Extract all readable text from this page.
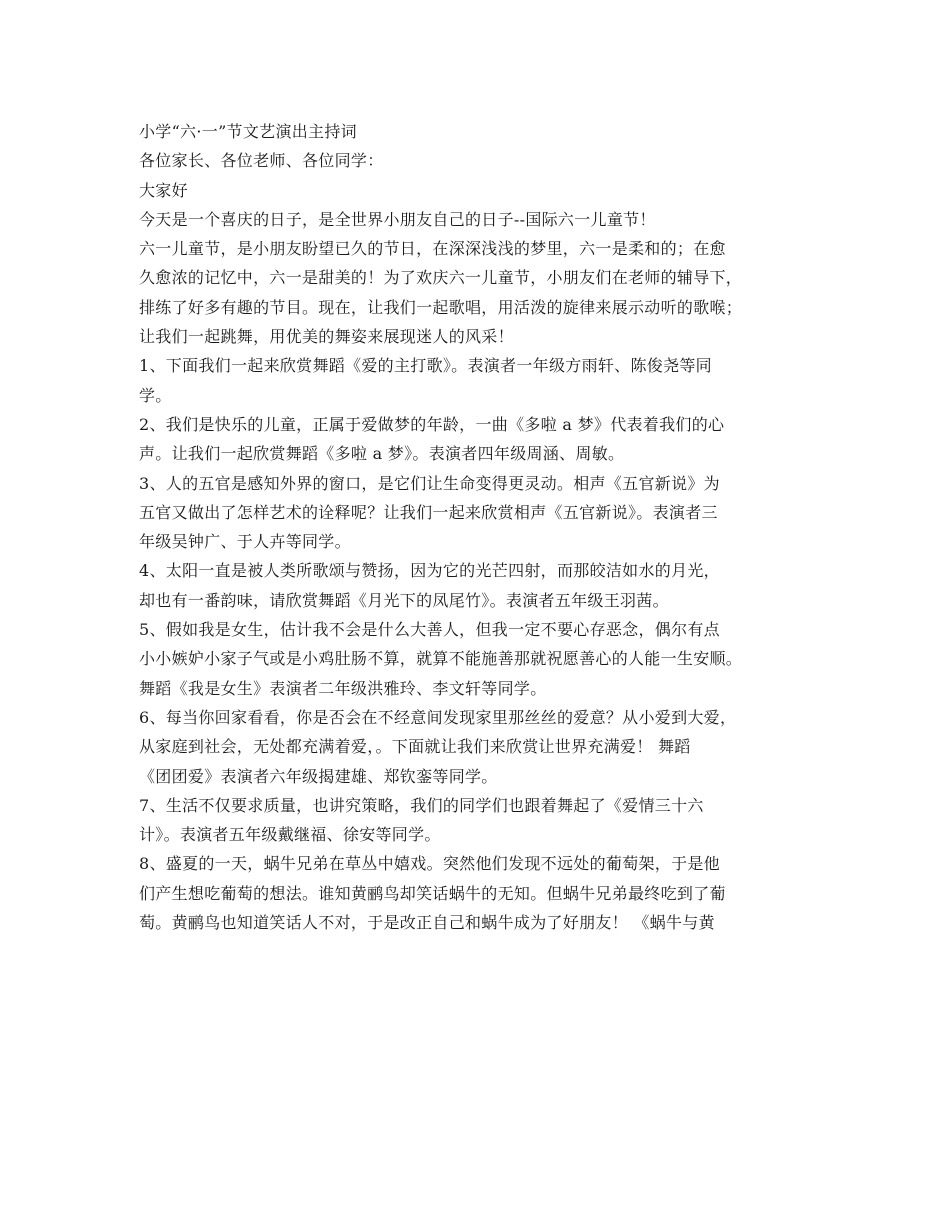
小学“六·一”节文艺演出主持词
各位家长、各位老师、各位同学：
大家好
今天是一个喜庆的日子，是全世界小朋友自己的日子--国际六一儿童节！
六一儿童节，是小朋友盼望已久的节日，在深深浅浅的梦里，六一是柔和的；在愈
久愈浓的记忆中，六一是甜美的！为了欢庆六一儿童节，小朋友们在老师的辅导下，
排练了好多有趣的节目。现在，让我们一起歌唱，用活泼的旋律来展示动听的歌喉；
让我们一起跳舞，用优美的舞姿来展现迷人的风采！
1、下面我们一起来欣赏舞蹈《爱的主打歌》。表演者一年级方雨轩、陈俊尧等同
学。
2、我们是快乐的儿童，正属于爱做梦的年龄，一曲《多啦 a 梦》代表着我们的心
声。让我们一起欣赏舞蹈《多啦 a 梦》。表演者四年级周涵、周敏。
3、人的五官是感知外界的窗口，是它们让生命变得更灵动。相声《五官新说》为
五官又做出了怎样艺术的诠释呢？让我们一起来欣赏相声《五官新说》。表演者三
年级吴钟广、于人卉等同学。
4、太阳一直是被人类所歌颂与赞扬，因为它的光芒四射，而那皎洁如水的月光，
却也有一番韵味，请欣赏舞蹈《月光下的凤尾竹》。表演者五年级王羽茜。
5、假如我是女生，估计我不会是什么大善人，但我一定不要心存恶念，偶尔有点
小小嫉妒小家子气或是小鸡肚肠不算，就算不能施善那就祝愿善心的人能一生安顺。
舞蹈《我是女生》表演者二年级洪雅玲、李文轩等同学。
6、每当你回家看看，你是否会在不经意间发现家里那丝丝的爱意？从小爱到大爱，
从家庭到社会，无处都充满着爱，。下面就让我们来欣赏让世界充满爱！ 舞蹈
《团团爱》表演者六年级揭建雄、郑钦銮等同学。
7、生活不仅要求质量，也讲究策略，我们的同学们也跟着舞起了《爱情三十六
计》。表演者五年级戴继福、徐安等同学。
8、盛夏的一天，蜗牛兄弟在草丛中嬉戏。突然他们发现不远处的葡萄架，于是他
们产生想吃葡萄的想法。谁知黄鹂鸟却笑话蜗牛的无知。但蜗牛兄弟最终吃到了葡
萄。黄鹂鸟也知道笑话人不对，于是改正自己和蜗牛成为了好朋友！ 《蜗牛与黄
